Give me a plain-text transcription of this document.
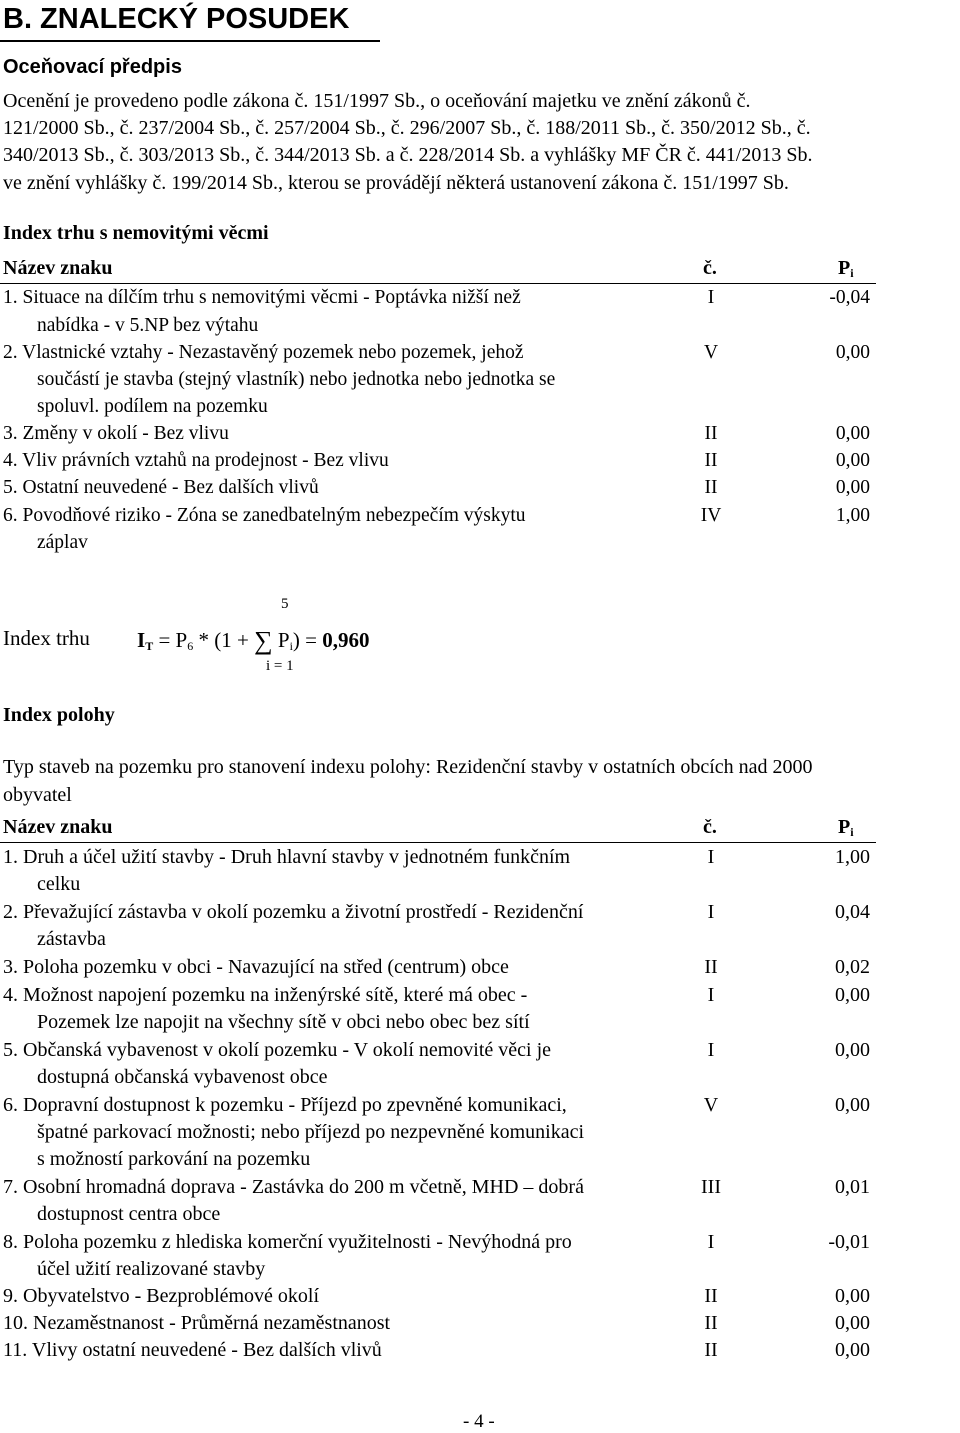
B. ZNALECKÝ POSUDEK
Oceňovací předpis
Ocenění je provedeno podle zákona č. 151/1997 Sb., o oceňování majetku ve znění zákonů č.
121/2000 Sb., č. 237/2004 Sb., č. 257/2004 Sb., č. 296/2007 Sb., č. 188/2011 Sb., č. 350/2012 Sb., č.
340/2013 Sb., č. 303/2013 Sb., č. 344/2013 Sb. a č. 228/2014 Sb. a vyhlášky MF ČR č. 441/2013 Sb.
ve znění vyhlášky č. 199/2014 Sb., kterou se provádějí některá ustanovení zákona č. 151/1997 Sb.
Index trhu s nemovitými věcmi
Název znaku	č.	$P_i$
1. Situace na dílčím trhu s nemovitými věcmi - Poptávka nižší než
nabídka - v 5.NP bez výtahu
I	-0,04
2. Vlastnické vztahy - Nezastavěný pozemek nebo pozemek, jehož
součástí je stavba (stejný vlastník) nebo jednotka nebo jednotka se
spoluvl. podílem na pozemku
V	0,00
3. Změny v okolí - Bez vlivu	II	0,00
4. Vliv právních vztahů na prodejnost - Bez vlivu	II	0,00
5. Ostatní neuvedené - Bez dalších vlivů	II	0,00
6. Povodňové riziko - Zóna se zanedbatelným nebezpečím výskytu
záplav
IV	1,00
Index trhu
5
i = 1
$I_T = P_6 * (1$ + ∑ $P_i) = 0,960$
Index polohy
Typ staveb na pozemku pro stanovení indexu polohy: Rezidenční stavby v ostatních obcích nad 2000
obyvatel
Název znaku	č.	$P_i$
1. Druh a účel užití stavby - Druh hlavní stavby v jednotném funkčním
celku
I	1,00
2. Převažující zástavba v okolí pozemku a životní prostředí - Rezidenční
zástavba
I	0,04
3. Poloha pozemku v obci - Navazující na střed (centrum) obce	II	0,02
4. Možnost napojení pozemku na inženýrské sítě, které má obec -
Pozemek lze napojit na všechny sítě v obci nebo obec bez sítí
I	0,00
5. Občanská vybavenost v okolí pozemku - V okolí nemovité věci je
dostupná občanská vybavenost obce
I	0,00
6. Dopravní dostupnost k pozemku - Příjezd po zpevněné komunikaci,
špatné parkovací možnosti; nebo příjezd po nezpevněné komunikaci
s možností parkování na pozemku
V	0,00
7. Osobní hromadná doprava - Zastávka do 200 m včetně, MHD – dobrá
dostupnost centra obce
III	0,01
8. Poloha pozemku z hlediska komerční využitelnosti - Nevýhodná pro
účel užití realizované stavby
I	-0,01
9. Obyvatelstvo - Bezproblémové okolí	II	0,00
10. Nezaměstnanost - Průměrná nezaměstnanost	II	0,00
11. Vlivy ostatní neuvedené - Bez dalších vlivů	II	0,00
- 4 -
